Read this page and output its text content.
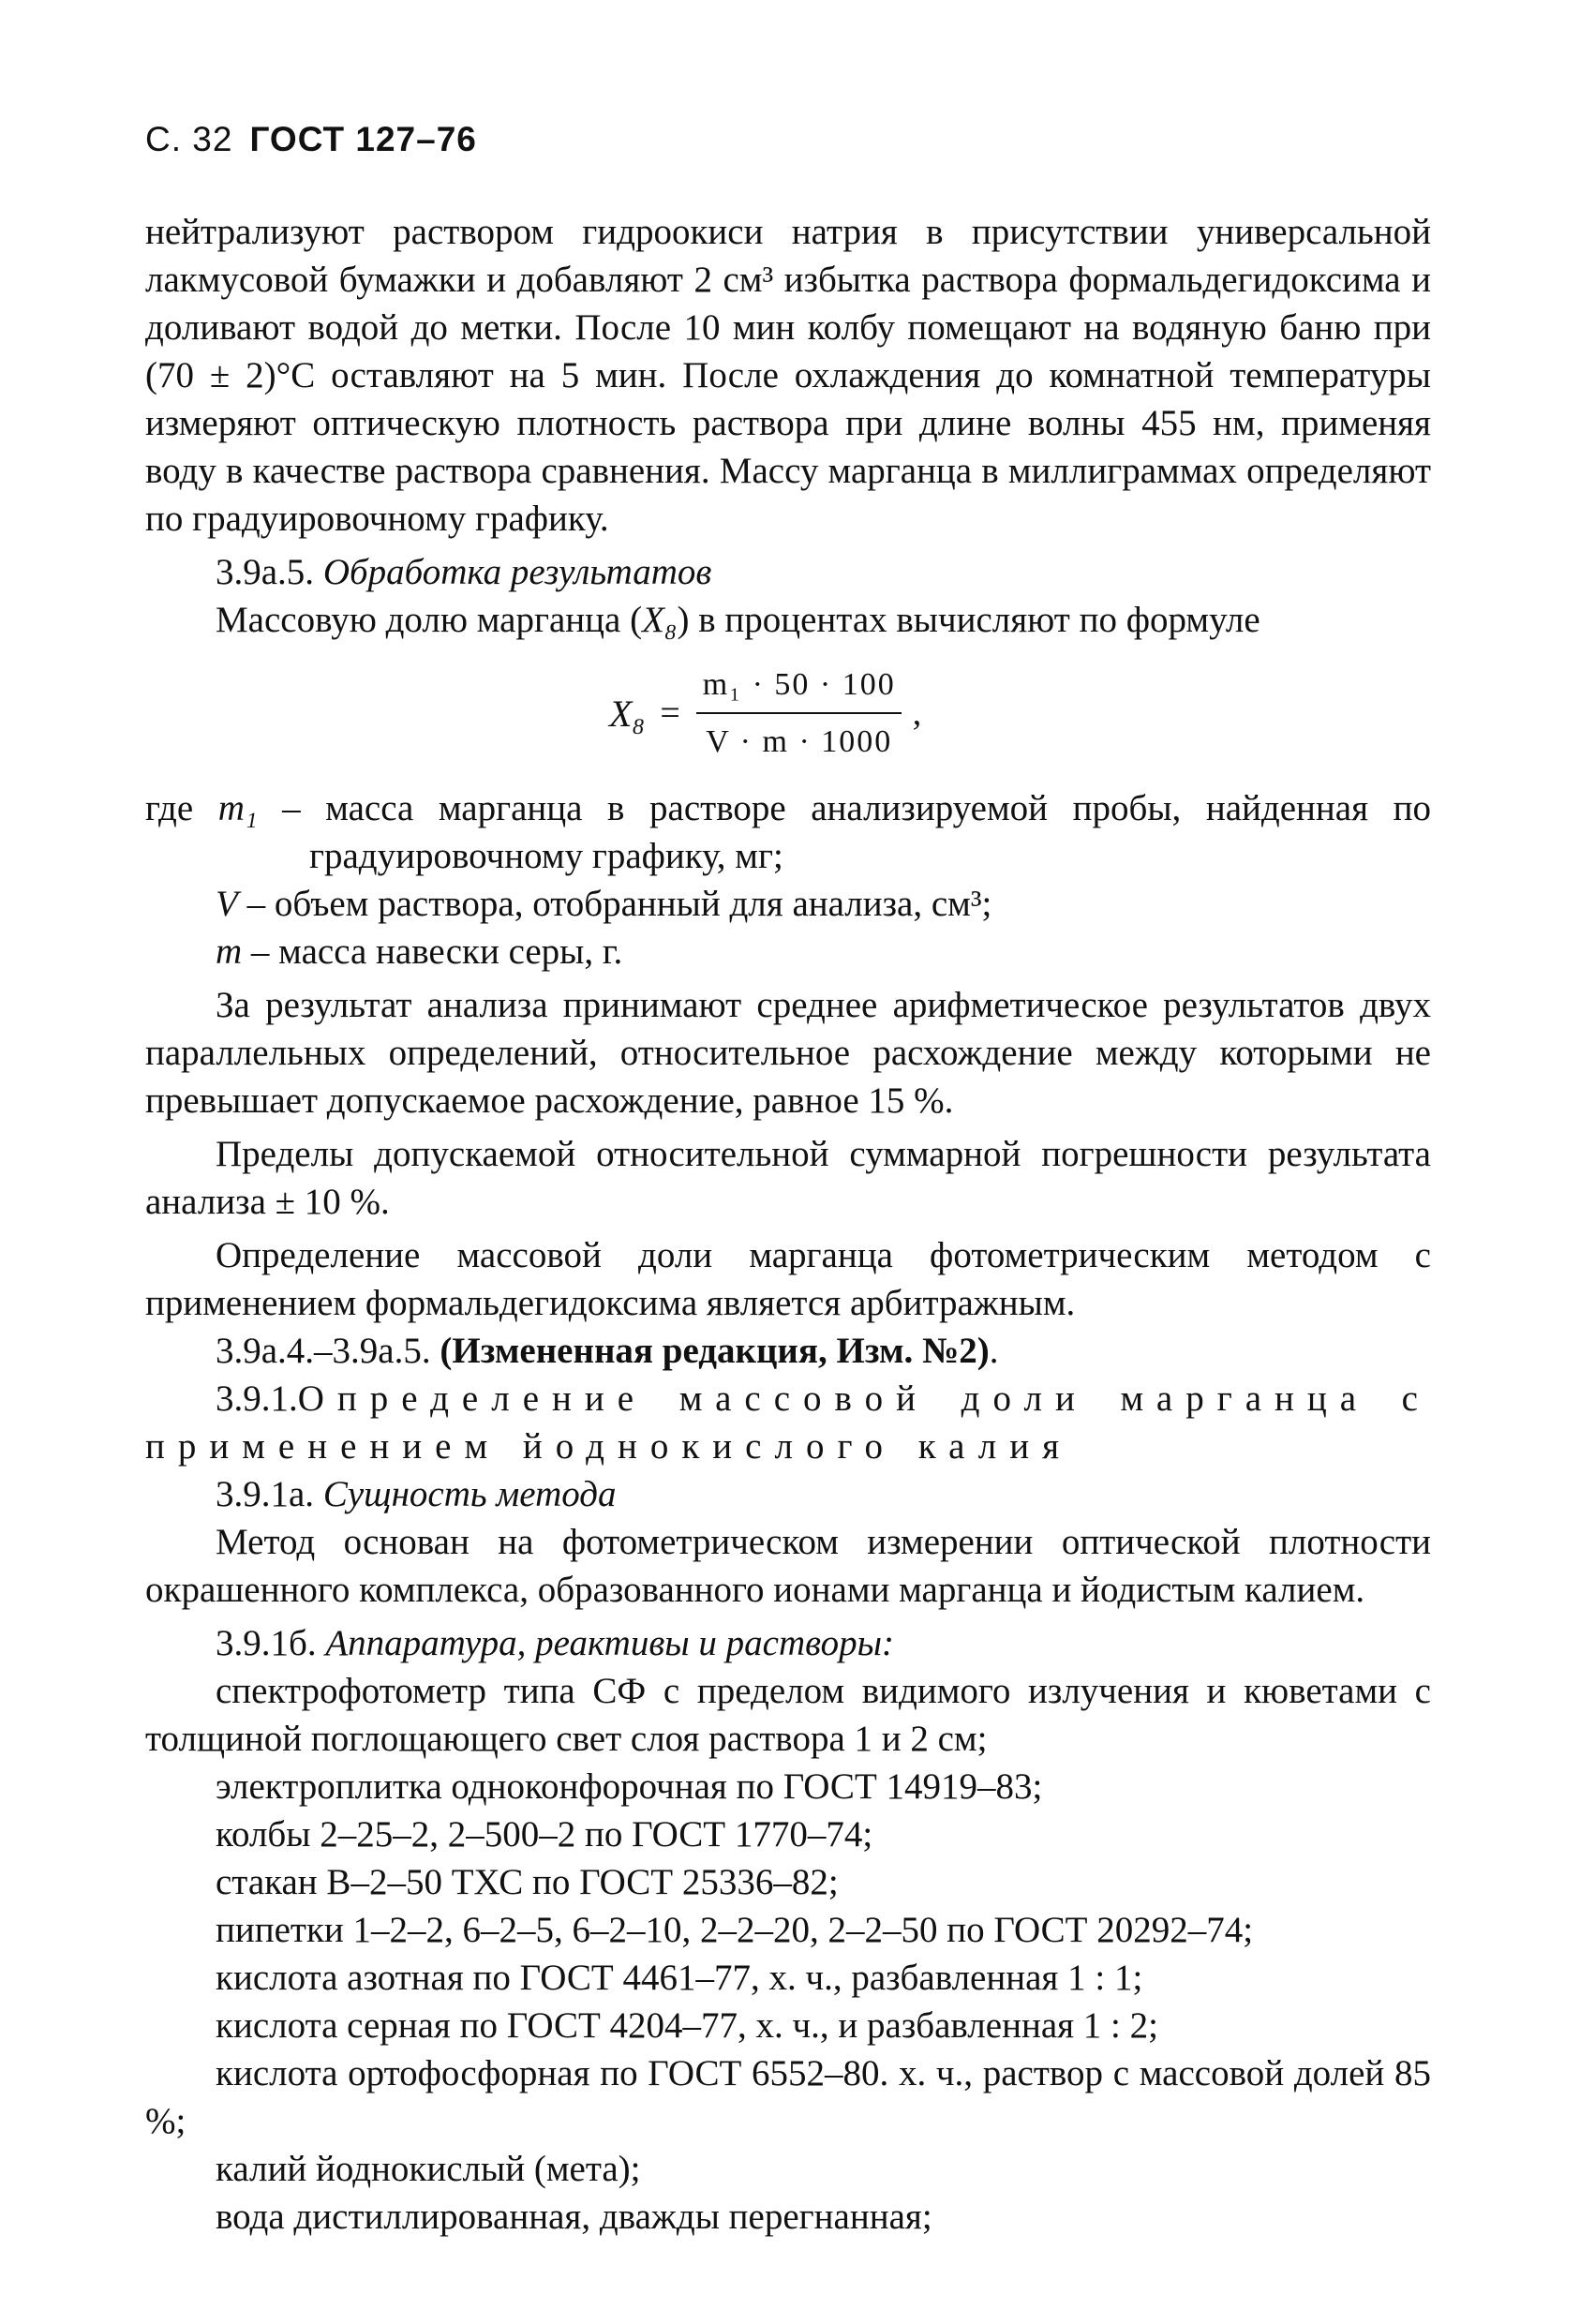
С. 32 ГОСТ 127–76

нейтрализуют раствором гидроокиси натрия в присутствии универсальной лакмусовой бумажки и добавляют 2 см³ избытка раствора формальдегидоксима и доливают водой до метки. После 10 мин колбу помещают на водяную баню при (70 ± 2)°С оставляют на 5 мин. После охлаждения до комнатной температуры измеряют оптическую плотность раствора при длине волны 455 нм, применяя воду в качестве раствора сравнения. Массу марганца в миллиграммах определяют по градуировочному графику.

3.9а.5. Обработка результатов

Массовую долю марганца (X₈) в процентах вычисляют по формуле

$X_8 = \frac{\text{m₁ · 50 · 100}}{V \cdot m \cdot 1000}$ ,

где m₁ – масса марганца в растворе анализируемой пробы, найденная по градуировочному графику, мг;

V – объем раствора, отобранный для анализа, см³;

m – масса навески серы, г.

За результат анализа принимают среднее арифметическое результатов двух параллельных определений, относительное расхождение между которыми не превышает допускаемое расхождение, равное 15 %.

Пределы допускаемой относительной суммарной погрешности результата анализа ± 10 %.

Определение массовой доли марганца фотометрическим методом с применением формальдегидоксима является арбитражным.

3.9а.4.–3.9а.5. (Измененная редакция, Изм. №2).

3.9.1.Определение массовой доли марганца с

применением йоднокислого калия

3.9.1а. Сущность метода

Метод основан на фотометрическом измерении оптической плотности окрашенного комплекса, образованного ионами марганца и йодистым калием.

3.9.1б. Аппаратура, реактивы и растворы:

спектрофотометр типа СФ с пределом видимого излучения и кюветами с толщиной поглощающего свет слоя раствора 1 и 2 см;

электроплитка одноконфорочная по ГОСТ 14919–83;

колбы 2–25–2, 2–500–2 по ГОСТ 1770–74;

стакан В–2–50 ТХС по ГОСТ 25336–82;

пипетки 1–2–2, 6–2–5, 6–2–10, 2–2–20, 2–2–50 по ГОСТ 20292–74;

кислота азотная по ГОСТ 4461–77, х. ч., разбавленная 1 : 1;

кислота серная по ГОСТ 4204–77, х. ч., и разбавленная 1 : 2;

кислота ортофосфорная по ГОСТ 6552–80. х. ч., раствор с массовой долей 85 %;

калий йоднокислый (мета);

вода дистиллированная, дважды перегнанная;
